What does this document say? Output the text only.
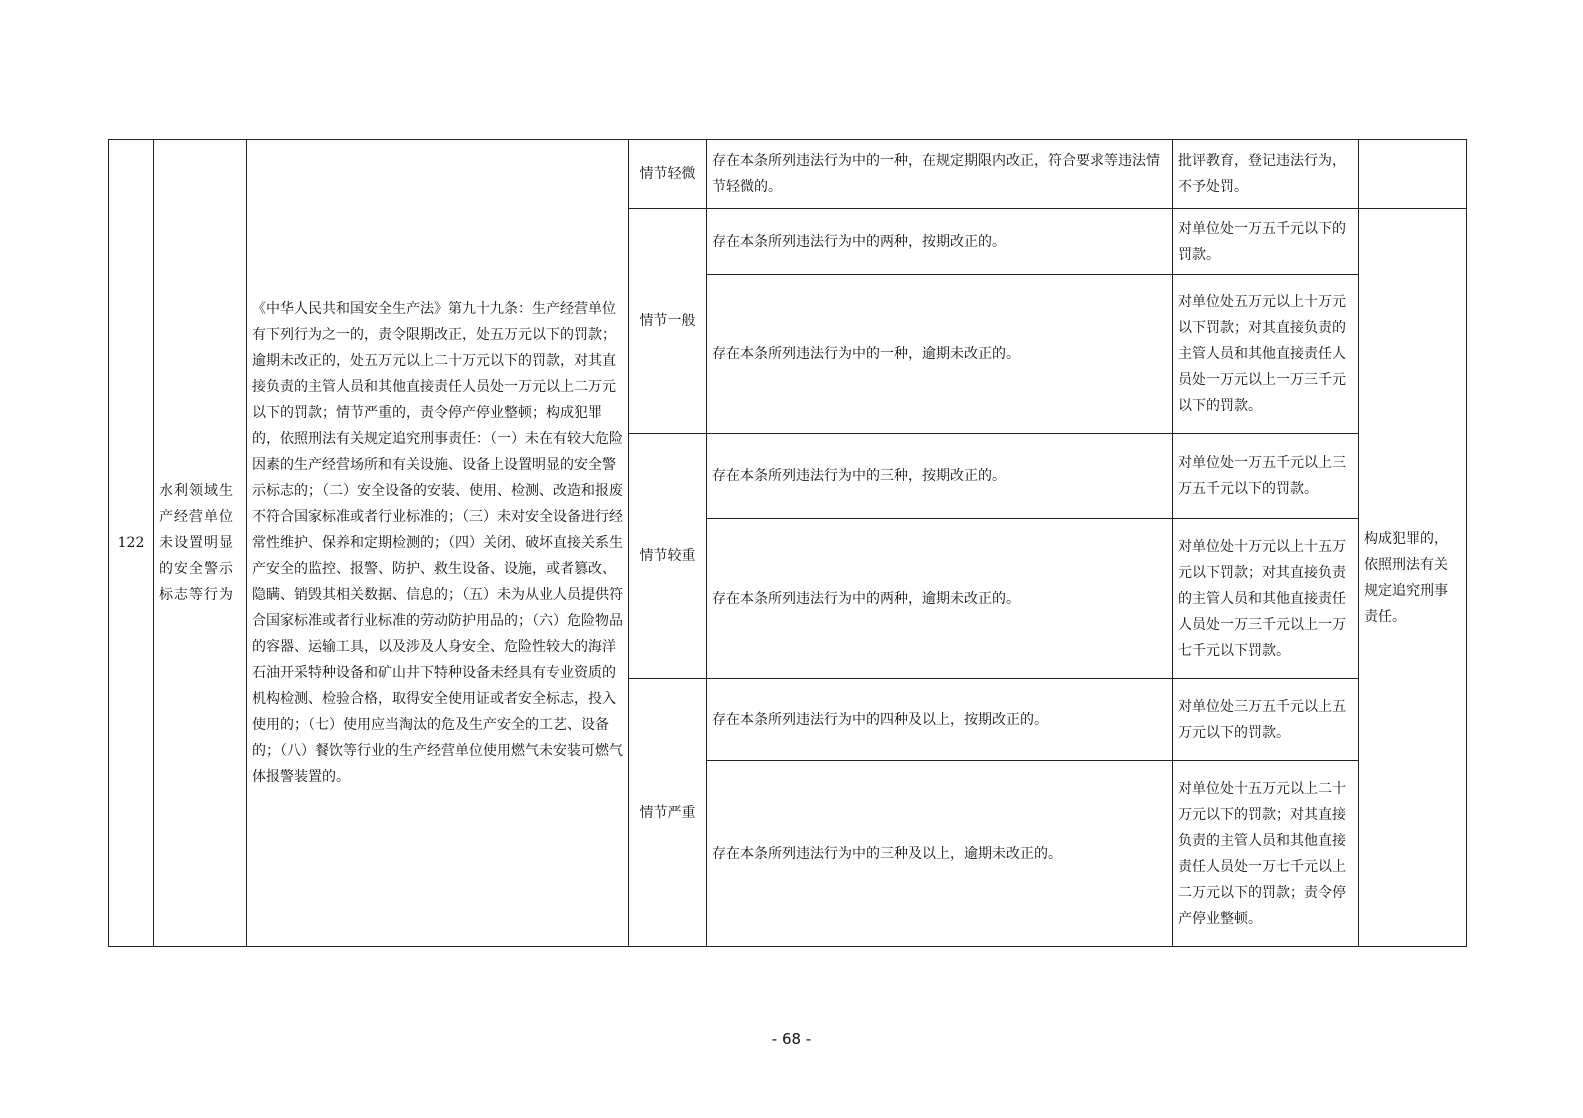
122	水利领域生产经营单位未设置明显的安全警示标志等行为	《中华人民共和国安全生产法》第九十九条：生产经营单位有下列行为之一的，责令限期改正，处五万元以下的罚款；逾期未改正的，处五万元以上二十万元以下的罚款，对其直接负责的主管人员和其他直接责任人员处一万元以上二万元以下的罚款；情节严重的，责令停产停业整顿；构成犯罪的，依照刑法有关规定追究刑事责任：（一）未在有较大危险因素的生产经营场所和有关设施、设备上设置明显的安全警示标志的；（二）安全设备的安装、使用、检测、改造和报废不符合国家标准或者行业标准的；（三）未对安全设备进行经常性维护、保养和定期检测的；（四）关闭、破坏直接关系生产安全的监控、报警、防护、救生设备、设施，或者篡改、隐瞒、销毁其相关数据、信息的；（五）未为从业人员提供符合国家标准或者行业标准的劳动防护用品的；（六）危险物品的容器、运输工具，以及涉及人身安全、危险性较大的海洋石油开采特种设备和矿山井下特种设备未经具有专业资质的机构检测、检验合格，取得安全使用证或者安全标志，投入使用的；（七）使用应当淘汰的危及生产安全的工艺、设备的；（八）餐饮等行业的生产经营单位使用燃气未安装可燃气体报警装置的。	情节轻微	存在本条所列违法行为中的一种，在规定期限内改正，符合要求等违法情节轻微的。	批评教育，登记违法行为，不予处罚。	
			情节一般	存在本条所列违法行为中的两种，按期改正的。	对单位处一万五千元以下的罚款。	构成犯罪的，依照刑法有关规定追究刑事责任。
				存在本条所列违法行为中的一种，逾期未改正的。	对单位处五万元以上十万元以下罚款；对其直接负责的主管人员和其他直接责任人员处一万元以上一万三千元以下的罚款。	
			情节较重	存在本条所列违法行为中的三种，按期改正的。	对单位处一万五千元以上三万五千元以下的罚款。	
				存在本条所列违法行为中的两种，逾期未改正的。	对单位处十万元以上十五万元以下罚款；对其直接负责的主管人员和其他直接责任人员处一万三千元以上一万七千元以下罚款。	
			情节严重	存在本条所列违法行为中的四种及以上，按期改正的。	对单位处三万五千元以上五万元以下的罚款。	
				存在本条所列违法行为中的三种及以上，逾期未改正的。	对单位处十五万元以上二十万元以下的罚款；对其直接负责的主管人员和其他直接责任人员处一万七千元以上二万元以下的罚款；责令停产停业整顿。	
- 68 -
